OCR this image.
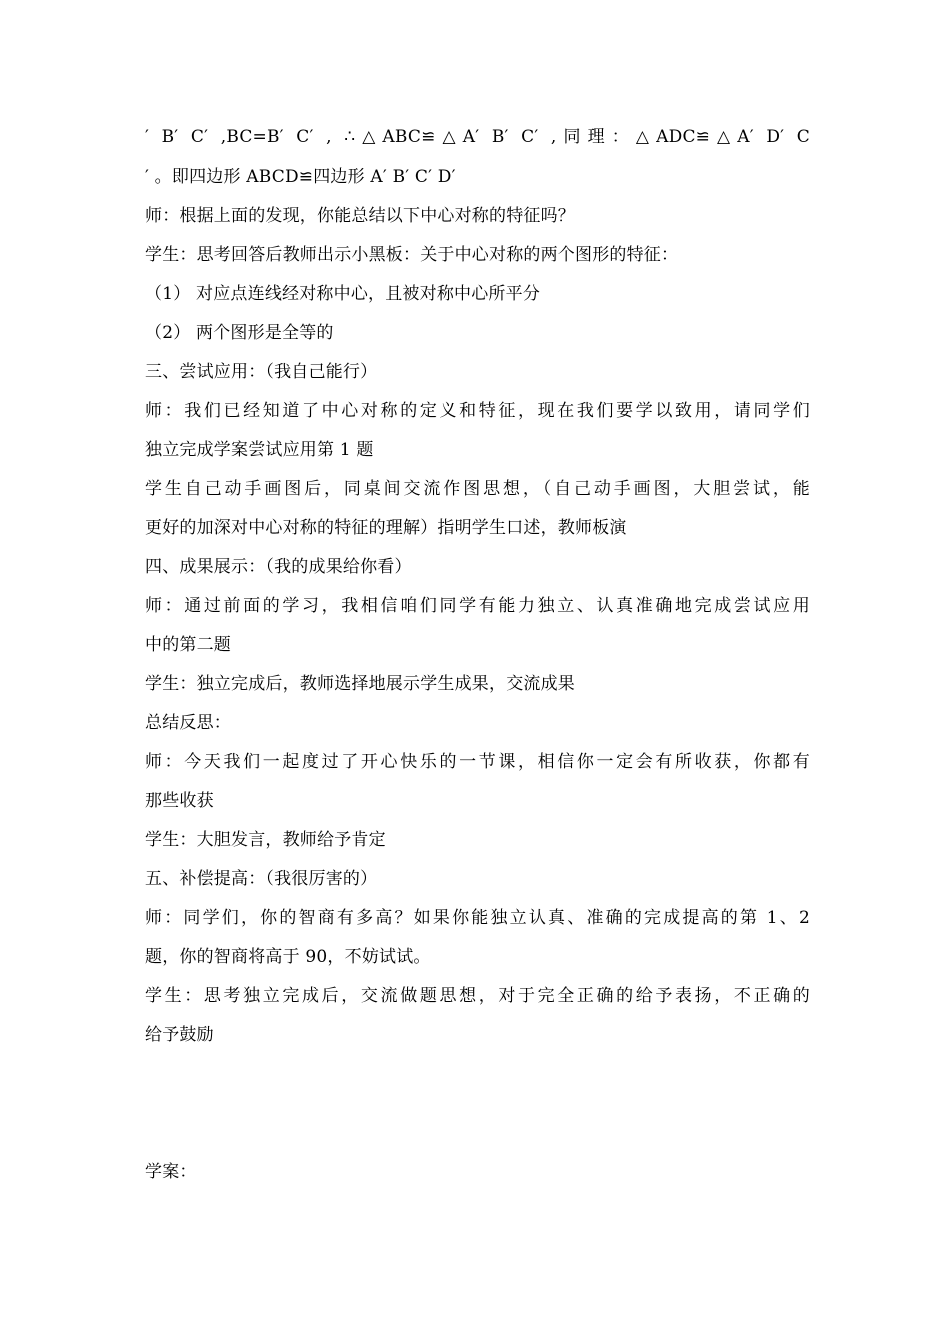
′ B′ C′ ,BC=B′ C′ , ∴△ABC≌△A′ B′ C′ ,同理：△ADC≌△A′ D′ C
′ 。即四边形 ABCD≌四边形 A′ B′ C′ D′
师：根据上面的发现，你能总结以下中心对称的特征吗？
学生：思考回答后教师出示小黑板：关于中心对称的两个图形的特征：
（1） 对应点连线经对称中心，且被对称中心所平分
（2） 两个图形是全等的
三、尝试应用：（我自己能行）
师：我们已经知道了中心对称的定义和特征，现在我们要学以致用，请同学们
独立完成学案尝试应用第 1 题
学生自己动手画图后，同桌间交流作图思想，（自己动手画图，大胆尝试，能
更好的加深对中心对称的特征的理解）指明学生口述，教师板演
四、成果展示：（我的成果给你看）
师：通过前面的学习，我相信咱们同学有能力独立、认真准确地完成尝试应用
中的第二题
学生：独立完成后，教师选择地展示学生成果，交流成果
总结反思：
师：今天我们一起度过了开心快乐的一节课，相信你一定会有所收获，你都有
那些收获
学生：大胆发言，教师给予肯定
五、补偿提高：（我很厉害的）
师：同学们，你的智商有多高？如果你能独立认真、准确的完成提高的第 1、2
题，你的智商将高于 90，不妨试试。
学生：思考独立完成后，交流做题思想，对于完全正确的给予表扬，不正确的
给予鼓励
学案：
